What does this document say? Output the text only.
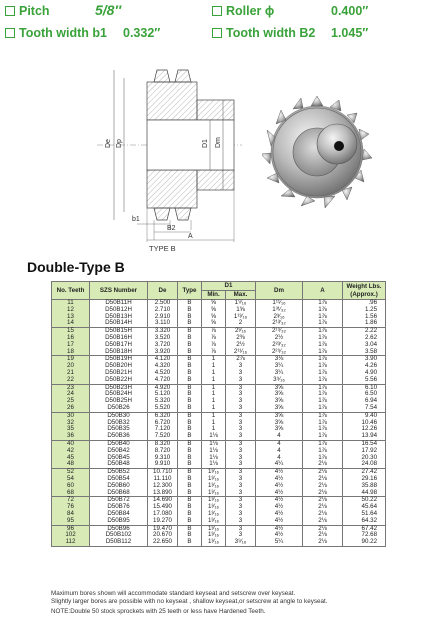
Pitch	5/8″	Roller ϕ	0.400″
Tooth width b1 0.332″	Tooth width B2 1.045″
De Dp	D1 Dm
b1
B2
A
TYPE B
Double-Type B
No. Teeth	SZS Number	De	Type	D1		Dm	A	Weight Lbs. (Approx.)
				Min.	Max.			
11	D50B11H	2.500	B	⅝	1⁹⁄₁₆	1¹¹⁄₁₆	1⅞	.96
12	D50B12H	2.710	B	⅝	1⅝	1³¹⁄₃₂	1⅞	1.25
13	D50B13H	2.910	B	⅝	1¹³⁄₁₆	2³⁄₁₆	1⅞	1.56
14	D50B14H	3.110	B	⅝	2	2¹³⁄₃₂	1⅞	1.86
15	D50B15H	3.320	B	⅞	2³⁄₁₆	2¹⁹⁄₃₂	1⅞	2.22
16	D50B16H	3.520	B	⅞	2⅜	2½	1⅞	2.62
17	D50B17H	3.720	B	⅞	2½	2²³⁄₃₂	1⅞	3.04
18	D50B18H	3.920	B	⅞	2¹¹⁄₁₆	2²⁹⁄₃₂	1⅞	3.58
19	D50B19H	4.120	B	1	2⅞	3⅛	1⅞	3.90
20	D50B20H	4.320	B	1	3	3¼	1⅞	4.26
21	D50B21H	4.520	B	1	3	3¼	1⅞	4.90
22	D50B22H	4.720	B	1	3	3⁹⁄₁₆	1⅞	5.56
23	D50B23H	4.920	B	1	3	3⅝	1⅞	6.10
24	D50B24H	5.120	B	1	3	3⅝	1⅞	6.50
25	D50B25H	5.320	B	1	3	3⅝	1⅞	6.94
26	D50B26	5.520	B	1	3	3⅝	1⅞	7.54
30	D50B30	6.320	B	1	3	3⅝	1⅞	9.40
32	D50B32	6.720	B	1	3	3⅝	1⅞	10.46
35	D50B35	7.120	B	1	3	3⅝	1⅞	12.26
36	D50B36	7.520	B	1⅛	3	4	1⅞	13.94
40	D50B40	8.320	B	1⅛	3	4	1⅞	16.54
42	D50B42	8.720	B	1⅛	3	4	1⅞	17.92
45	D50B45	9.310	B	1⅛	3	4	1⅞	20.30
48	D50B48	9.910	B	1⅛	3	4¼	2⅛	24.08
52	D50B52	10.710	B	1³⁄₁₆	3	4½	2⅛	27.42
54	D50B54	11.110	B	1³⁄₁₆	3	4½	2⅛	29.16
60	D50B60	12.300	B	1³⁄₁₆	3	4½	2⅛	35.88
68	D50B68	13.890	B	1³⁄₁₆	3	4½	2⅛	44.98
72	D50B72	14.690	B	1³⁄₁₆	3	4½	2⅛	50.22
76	D50B76	15.490	B	1³⁄₁₆	3	4½	2⅛	45.64
84	D50B84	17.080	B	1³⁄₁₆	3	4½	2⅛	51.64
95	D50B95	19.270	B	1³⁄₁₆	3	4½	2⅛	64.32
96	D50B96	19.470	B	1³⁄₁₆	3	4½	2⅛	67.42
102	D50B102	20.670	B	1³⁄₁₆	3	4½	2⅛	72.68
112	D50B112	22.650	B	1³⁄₁₆	3⁹⁄₁₆	5¼	2⅛	90.22
Maximum bores shown will accommodate standard keyseat and setscrew over keyseat.
Slightly larger bores are possible with no keyseat , shallow keyseat,or setscrew at angle to keyseat.
NOTE:Double 50 stock sprockets with 25 teeth or less have Hardened Teeth.
